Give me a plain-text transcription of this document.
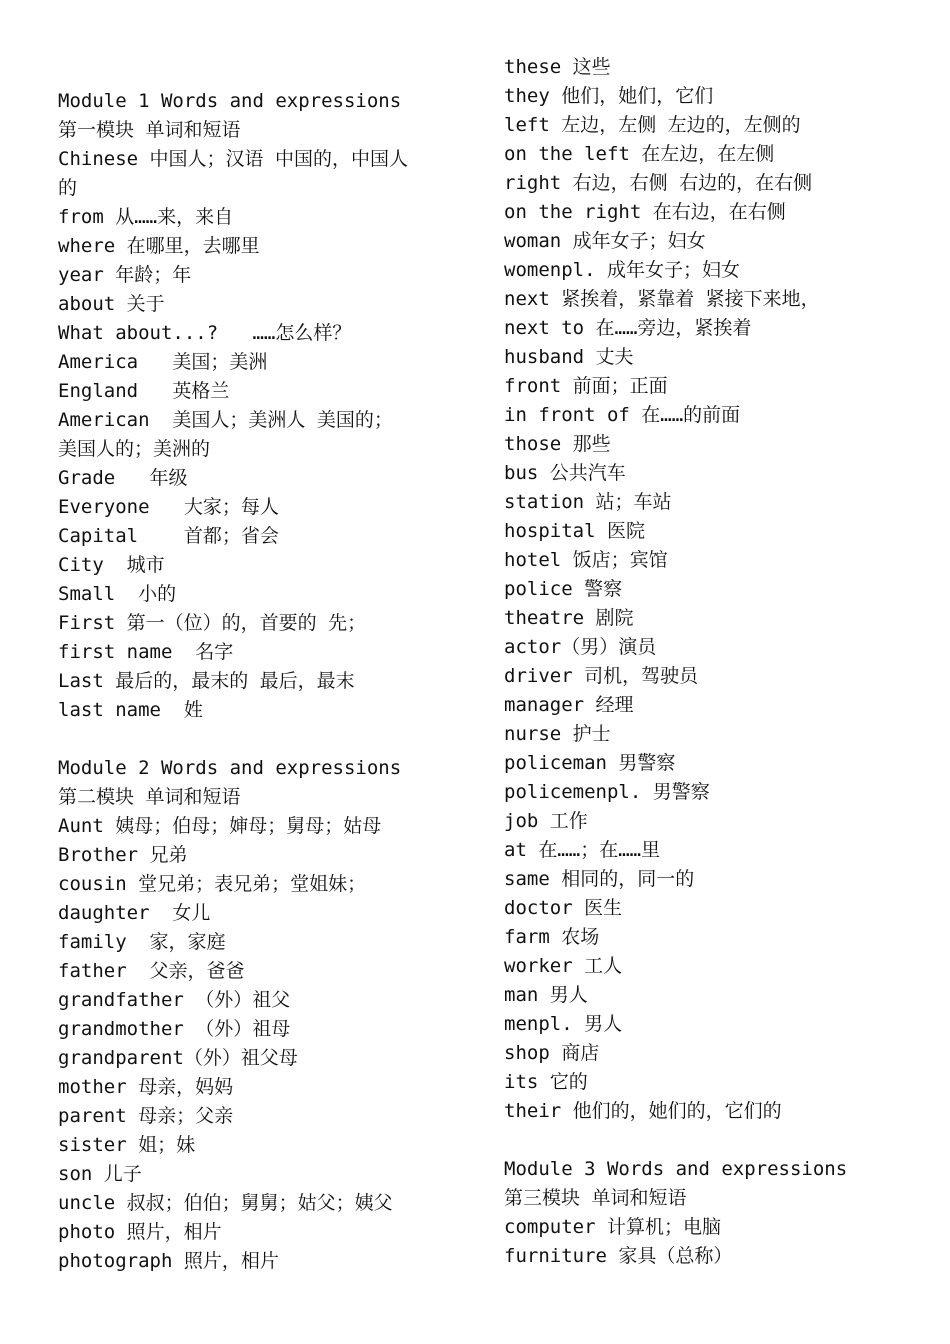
Module 1 Words and expressions
第一模块 单词和短语
Chinese 中国人；汉语 中国的，中国人
的
from 从……来，来自
where 在哪里，去哪里
year 年龄；年
about 关于
What about...?   ……怎么样？
America   美国；美洲
England   英格兰
American  美国人；美洲人 美国的；
美国人的；美洲的
Grade   年级
Everyone   大家；每人
Capital    首都；省会
City  城市
Small  小的
First 第一（位）的，首要的 先；
first name  名字
Last 最后的，最末的 最后，最末
last name  姓
Module 2 Words and expressions
第二模块 单词和短语
Aunt 姨母；伯母；婶母；舅母；姑母
Brother 兄弟
cousin 堂兄弟；表兄弟；堂姐妹；
daughter  女儿
family  家，家庭
father  父亲，爸爸
grandfather （外）祖父
grandmother （外）祖母
grandparent（外）祖父母
mother 母亲，妈妈
parent 母亲；父亲
sister 姐；妹
son 儿子
uncle 叔叔；伯伯；舅舅；姑父；姨父
photo 照片，相片
photograph 照片，相片
these 这些
they 他们，她们，它们
left 左边，左侧 左边的，左侧的
on the left 在左边，在左侧
right 右边，右侧 右边的，在右侧
on the right 在右边，在右侧
woman 成年女子；妇女
womenpl. 成年女子；妇女
next 紧挨着，紧靠着 紧接下来地，
next to 在……旁边，紧挨着
husband 丈夫
front 前面；正面
in front of 在……的前面
those 那些
bus 公共汽车
station 站；车站
hospital 医院
hotel 饭店；宾馆
police 警察
theatre 剧院
actor（男）演员
driver 司机，驾驶员
manager 经理
nurse 护士
policeman 男警察
policemenpl. 男警察
job 工作
at 在……；在……里
same 相同的，同一的
doctor 医生
farm 农场
worker 工人
man 男人
menpl. 男人
shop 商店
its 它的
their 他们的，她们的，它们的
Module 3 Words and expressions
第三模块 单词和短语
computer 计算机；电脑
furniture 家具（总称）
